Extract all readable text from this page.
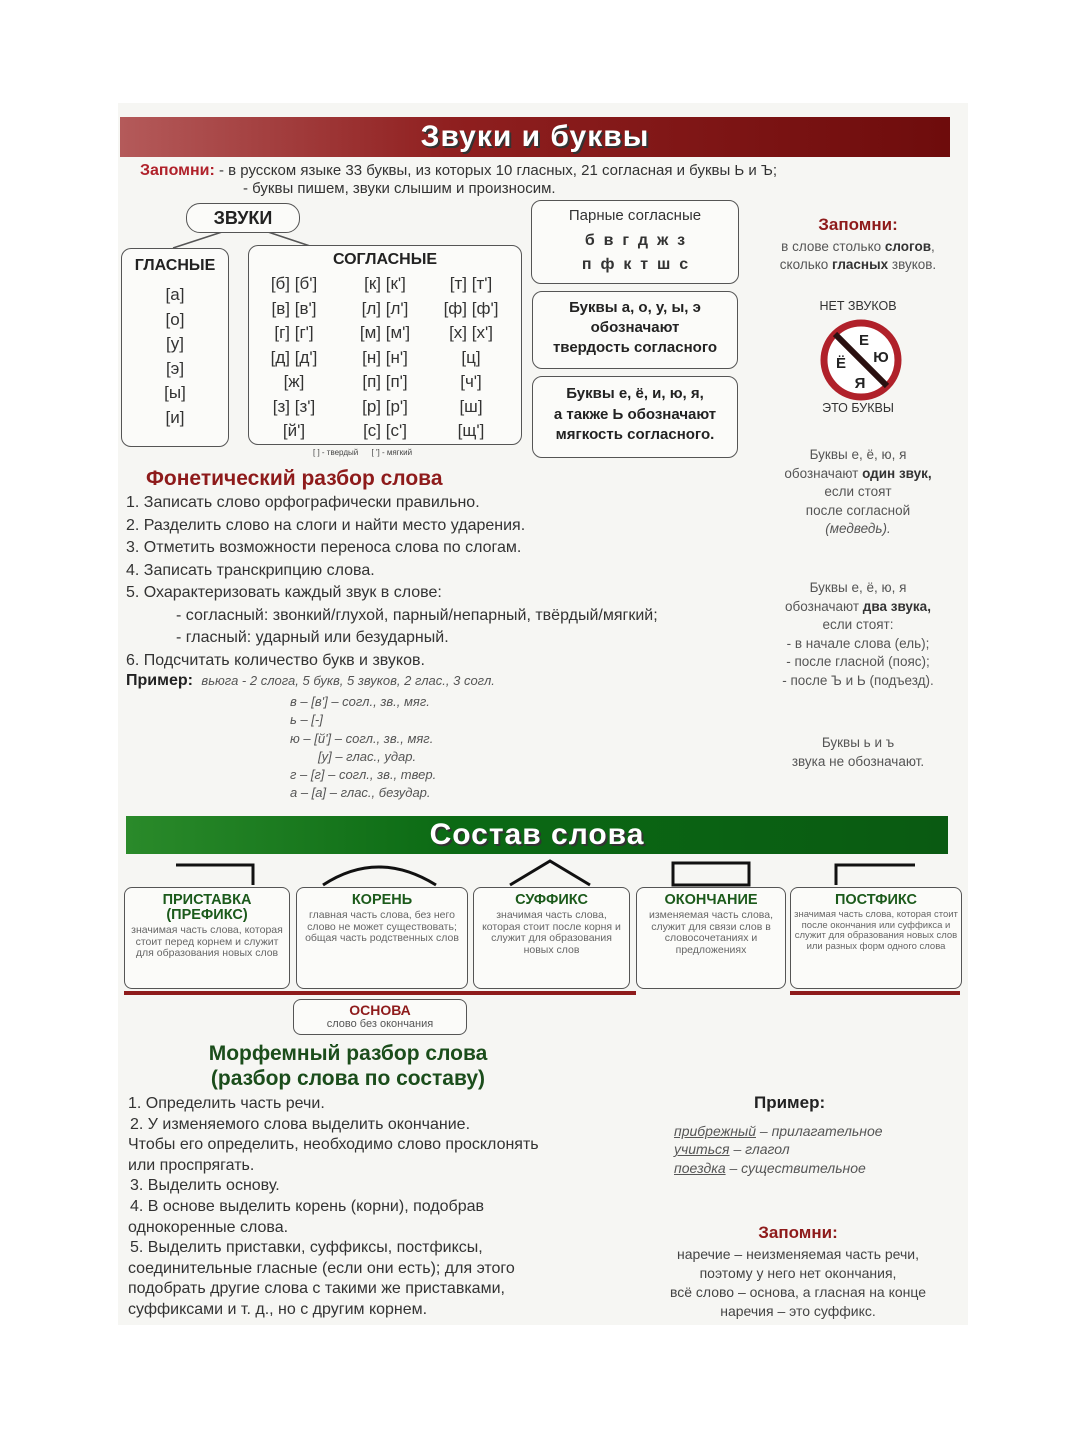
Звуки и буквы
Запомни: - в русском языке 33 буквы, из которых 10 гласных, 21 согласная и буквы Ь и Ъ;
- буквы пишем, звуки слышим и произносим.
ЗВУКИ
ГЛАСНЫЕ
[а]
[о]
[у]
[э]
[ы]
[и]
СОГЛАСНЫЕ
[б] [б']
[в] [в']
[г] [г']
[д] [д']
[ж]
[з] [з']
[й']
[к] [к']
[л] [л']
[м] [м']
[н] [н']
[п] [п']
[р] [р']
[с] [с']
[т] [т']
[ф] [ф']
[х] [х']
[ц]
[ч']
[ш]
[щ']
[ ] - твердый [ '] - мягкий
Парные согласные
б  в  г  д  ж  з
п  ф  к  т  ш  с
Буквы а, о, у, ы, э
обозначают
твердость согласного
Буквы е, ё, и, ю, я,
а также Ь обозначают
мягкость согласного.
Запомни:
в слове столько слогов,
сколько гласных звуков.
НЕТ ЗВУКОВ
Е
Ю
Ё
Я
ЭТО БУКВЫ
Буквы е, ё, ю, я
обозначают один звук,
если стоят
после согласной
(медведь).
Буквы е, ё, ю, я
обозначают два звука,
если стоят:
- в начале слова (ель);
- после гласной (пояс);
- после Ъ и Ь (подъезд).
Буквы ь и ъ
звука не обозначают.
Фонетический разбор слова
1. Записать слово орфографически правильно.
2. Разделить слово на слоги и найти место ударения.
3. Отметить возможности переноса слова по слогам.
4. Записать транскрипцию слова.
5. Охарактеризовать каждый звук в слове:
- согласный: звонкий/глухой, парный/непарный, твёрдый/мягкий;
- гласный: ударный или безударный.
6. Подсчитать количество букв и звуков.
Пример: вьюга - 2 слога, 5 букв, 5 звуков, 2 глас., 3 согл.
в – [в'] – согл., зв., мяг.
ь – [-]
ю – [й'] – согл., зв., мяг.
[у] – глас., удар.
г – [г] – согл., зв., твер.
а – [а] – глас., безудар.
Состав слова
ПРИСТАВКА (ПРЕФИКС)
значимая часть слова, которая стоит перед корнем и служит для образования новых слов
КОРЕНЬ
главная часть слова, без него слово не может существовать; общая часть родственных слов
СУФФИКС
значимая часть слова, которая стоит после корня и служит для образования новых слов
ОКОНЧАНИЕ
изменяемая часть слова, служит для связи слов в словосочетаниях и предложениях
ПОСТФИКС
значимая часть слова, которая стоит после окончания или суффикса и служит для образования новых слов или разных форм одного слова
ОСНОВА
слово без окончания
Морфемный разбор слова
(разбор слова по составу)
1. Определить часть речи.
2. У изменяемого слова выделить окончание.
Чтобы его определить, необходимо слово просклонять
или проспрягать.
3. Выделить основу.
4. В основе выделить корень (корни), подобрав
однокоренные слова.
5. Выделить приставки, суффиксы, постфиксы,
соединительные гласные (если они есть); для этого
подобрать другие слова с такими же приставками,
суффиксами и т. д., но с другим корнем.
Пример:
прибрежный – прилагательное
учиться – глагол
поездка – существительное
Запомни:
наречие – неизменяемая часть речи,
поэтому у него нет окончания,
всё слово – основа, а гласная на конце
наречия – это суффикс.
